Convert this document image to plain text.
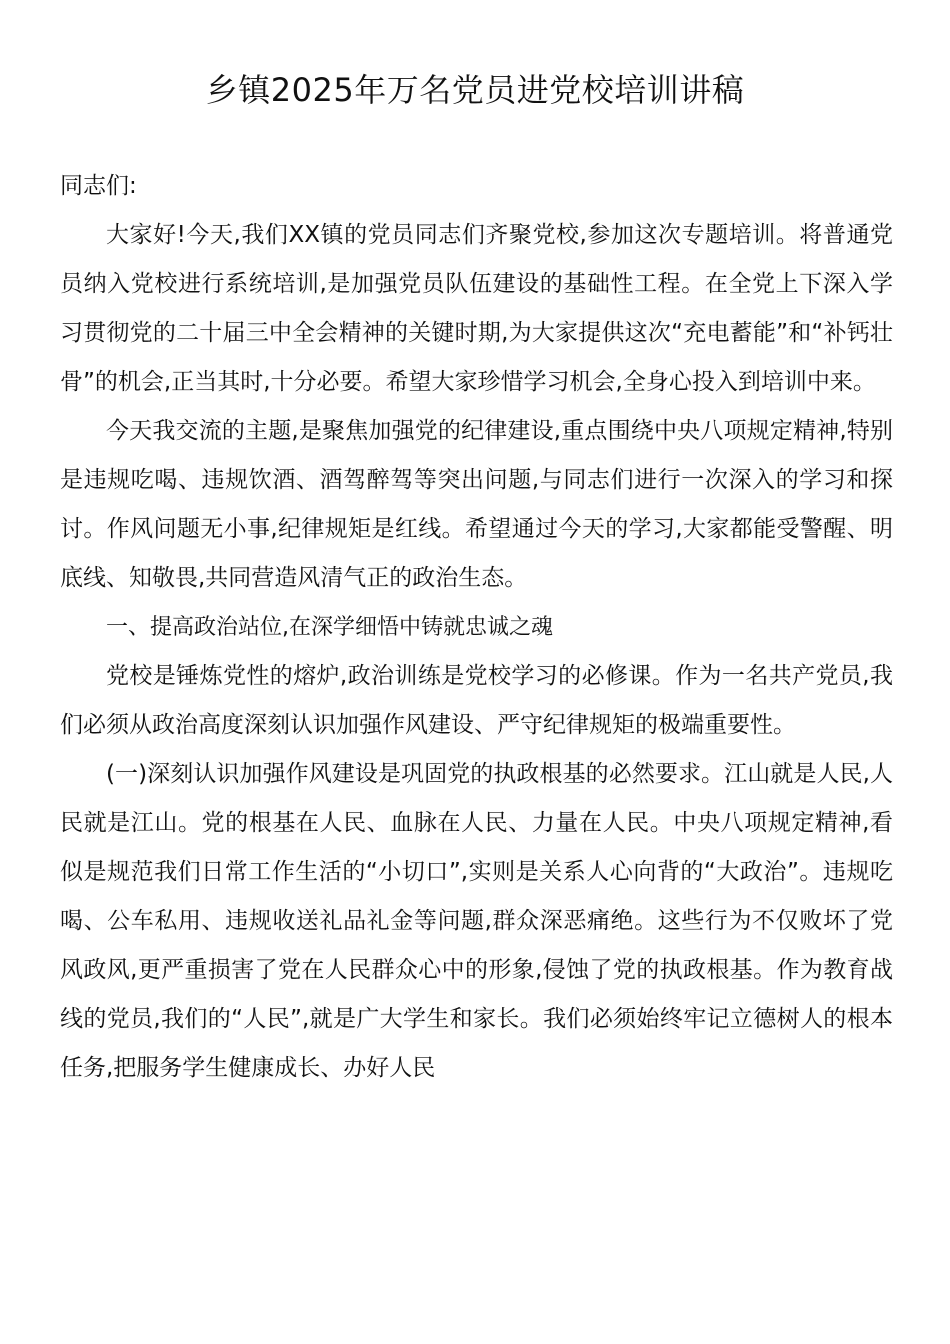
乡镇2025年万名党员进党校培训讲稿

同志们:

大家好!今天,我们XX镇的党员同志们齐聚党校,参加这次专题培训。将普通党员纳入党校进行系统培训,是加强党员队伍建设的基础性工程。在全党上下深入学习贯彻党的二十届三中全会精神的关键时期,为大家提供这次“充电蓄能”和“补钙壮骨”的机会,正当其时,十分必要。希望大家珍惜学习机会,全身心投入到培训中来。

今天我交流的主题,是聚焦加强党的纪律建设,重点围绕中央八项规定精神,特别是违规吃喝、违规饮酒、酒驾醉驾等突出问题,与同志们进行一次深入的学习和探讨。作风问题无小事,纪律规矩是红线。希望通过今天的学习,大家都能受警醒、明底线、知敬畏,共同营造风清气正的政治生态。

一、提高政治站位,在深学细悟中铸就忠诚之魂

党校是锤炼党性的熔炉,政治训练是党校学习的必修课。作为一名共产党员,我们必须从政治高度深刻认识加强作风建设、严守纪律规矩的极端重要性。

(一)深刻认识加强作风建设是巩固党的执政根基的必然要求。江山就是人民,人民就是江山。党的根基在人民、血脉在人民、力量在人民。中央八项规定精神,看似是规范我们日常工作生活的“小切口”,实则是关系人心向背的“大政治”。违规吃喝、公车私用、违规收送礼品礼金等问题,群众深恶痛绝。这些行为不仅败坏了党风政风,更严重损害了党在人民群众心中的形象,侵蚀了党的执政根基。作为教育战线的党员,我们的“人民”,就是广大学生和家长。我们必须始终牢记立德树人的根本任务,把服务学生健康成长、办好人民
